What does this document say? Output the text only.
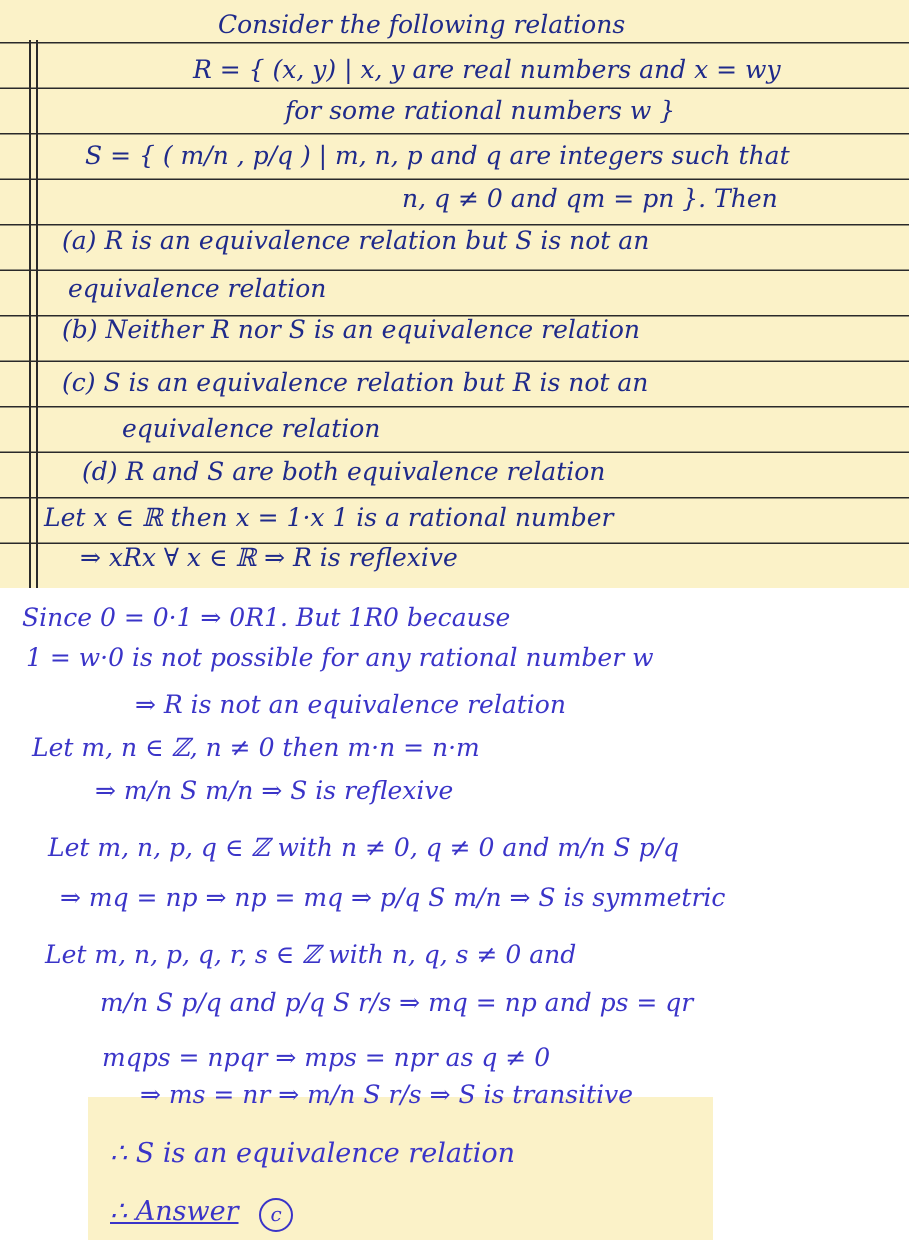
Consider the following relations
R = { (x, y) | x, y are real numbers and x = wy
for some rational numbers w }
S = { ( m/n , p/q ) | m, n, p and q are integers such that
n, q ≠ 0 and qm = pn }. Then
(a) R is an equivalence relation but S is not an
equivalence relation
(b) Neither R nor S is an equivalence relation
(c) S is an equivalence relation but R is not an
equivalence relation
(d) R and S are both equivalence relation
Let x ∈ ℝ then x = 1·x 1 is a rational number
⇒ xRx ∀ x ∈ ℝ ⇒ R is reflexive
Since 0 = 0·1 ⇒ 0R1. But 1R0 because
1 = w·0 is not possible for any rational number w
⇒ R is not an equivalence relation
Let m, n ∈ ℤ, n ≠ 0 then m·n = n·m
⇒ m/n S m/n ⇒ S is reflexive
Let m, n, p, q ∈ ℤ with n ≠ 0, q ≠ 0 and m/n S p/q
⇒ mq = np ⇒ np = mq ⇒ p/q S m/n ⇒ S is symmetric
Let m, n, p, q, r, s ∈ ℤ with n, q, s ≠ 0 and
m/n S p/q and p/q S r/s ⇒ mq = np and ps = qr
mqps = npqr ⇒ mps = npr as q ≠ 0
⇒ ms = nr ⇒ m/n S r/s ⇒ S is transitive
∴ S is an equivalence relation
∴ Answer c
